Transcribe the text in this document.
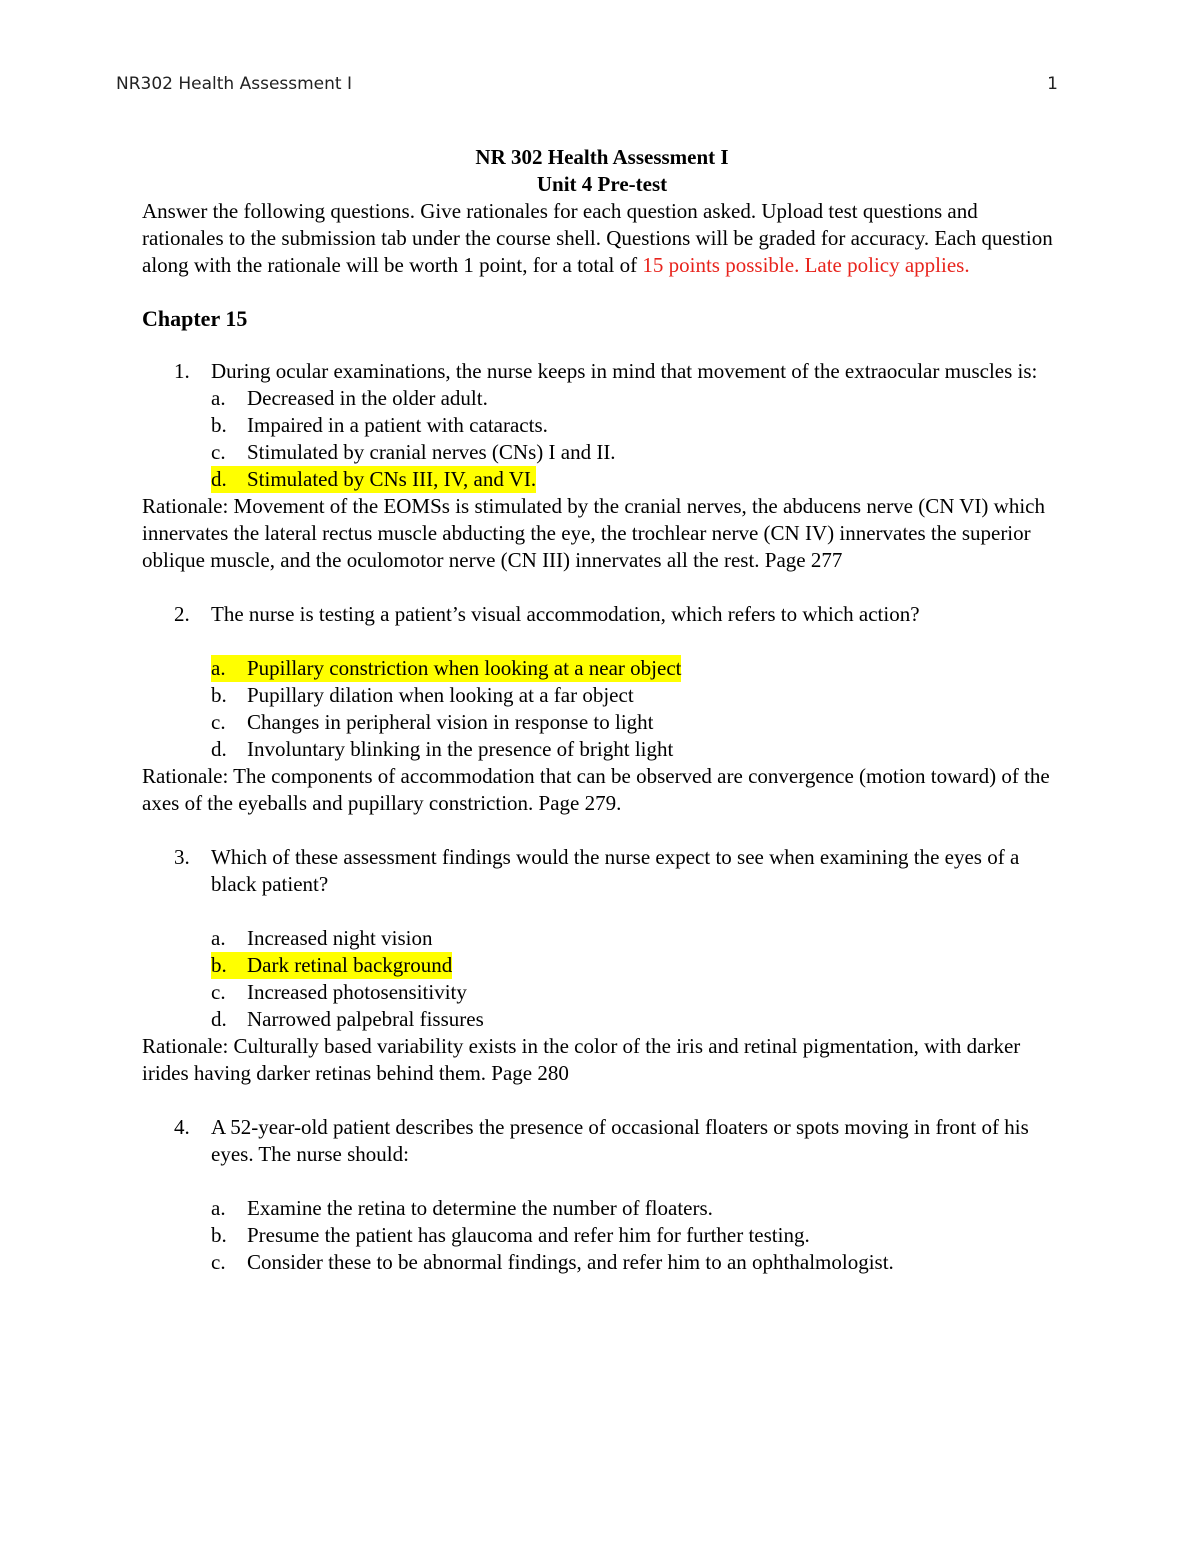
NR302 Health Assessment I	1

NR 302 Health Assessment I

Unit 4 Pre-test

Answer the following questions. Give rationales for each question asked. Upload test questions and rationales to the submission tab under the course shell. Questions will be graded for accuracy. Each question along with the rationale will be worth 1 point, for a total of 15 points possible. Late policy applies.

Chapter 15
1.	During ocular examinations, the nurse keeps in mind that movement of the extraocular muscles is:
a.	Decreased in the older adult.
b. Impaired in a patient with cataracts.
c.	Stimulated by cranial nerves (CNs) I and II.
d. Stimulated by CNs III, IV, and VI.

Rationale: Movement of the EOMSs is stimulated by the cranial nerves, the abducens nerve (CN VI) which innervates the lateral rectus muscle abducting the eye, the trochlear nerve (CN IV) innervates the superior oblique muscle, and the oculomotor nerve (CN III) innervates all the rest. Page 277

2.	The nurse is testing a patient’s visual accommodation, which refers to which action?
a.	Pupillary constriction when looking at a near object
b. Pupillary dilation when looking at a far object
c.	Changes in peripheral vision in response to light
d. Involuntary blinking in the presence of bright light

Rationale: The components of accommodation that can be observed are convergence (motion toward) of the axes of the eyeballs and pupillary constriction. Page 279.

3.	Which of these assessment findings would the nurse expect to see when examining the eyes of a black patient?
a.	Increased night vision
b. Dark retinal background
c.	Increased photosensitivity
d. Narrowed palpebral fissures

Rationale: Culturally based variability exists in the color of the iris and retinal pigmentation, with darker irides having darker retinas behind them. Page 280

4.	A 52-year-old patient describes the presence of occasional floaters or spots moving in front of his eyes. The nurse should:
a.	Examine the retina to determine the number of floaters.
b. Presume the patient has glaucoma and refer him for further testing.
c.	Consider these to be abnormal findings, and refer him to an ophthalmologist.
